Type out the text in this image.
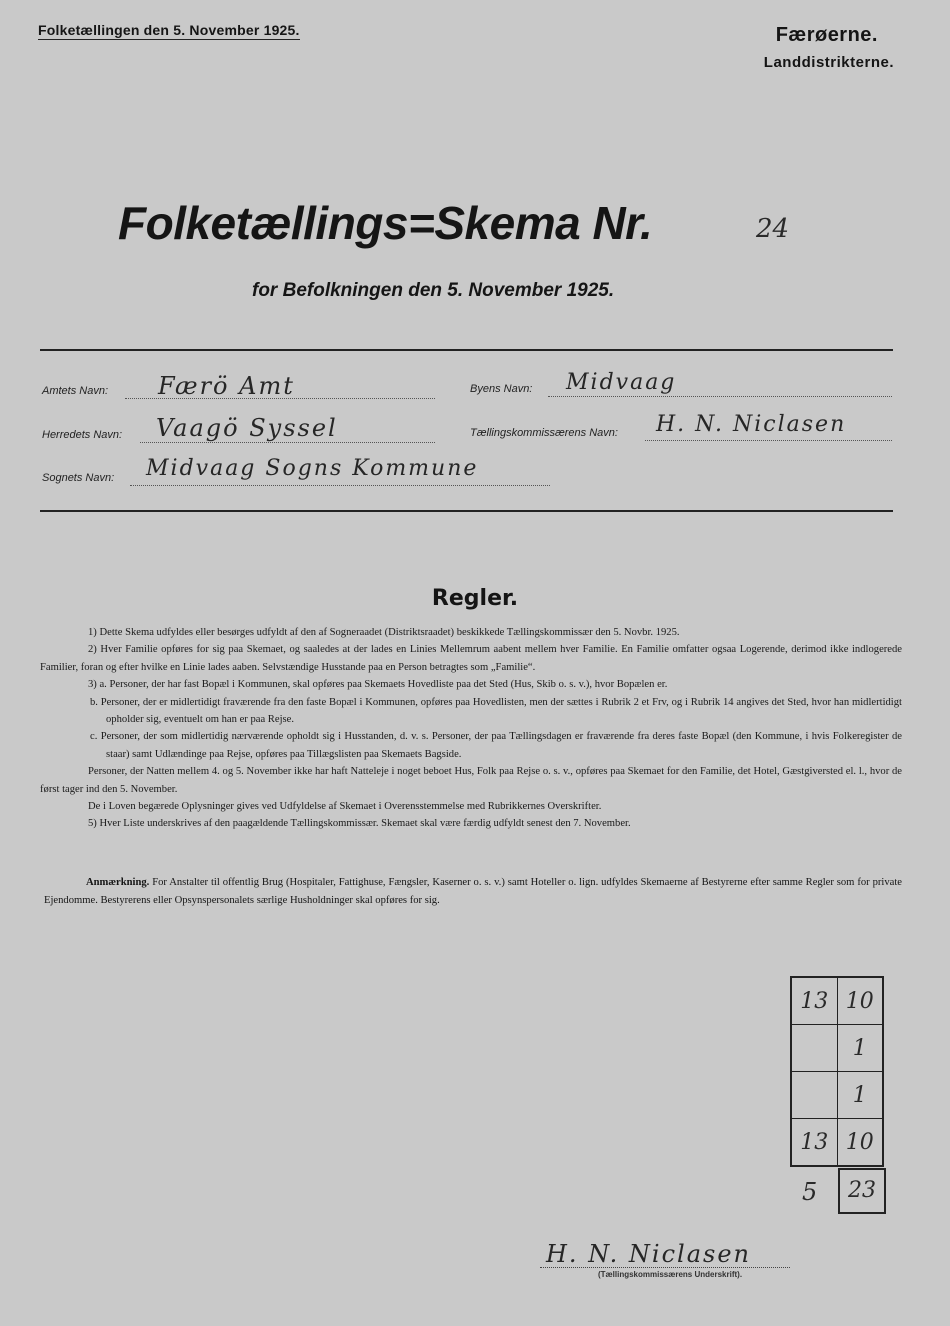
Folketællingen den 5. November 1925.	Færøerne.
Landdistrikterne.
Folketællings=Skema Nr.	24
for Befolkningen den 5. November 1925.
Amtets Navn: Færö Amt	Byens Navn: Midvaag
Herredets Navn: Vaagö Syssel	Tællingskommissærens Navn: H. N. Niclasen
Sognets Navn: Midvaag Sogns Kommune
Regler.

1) Dette Skema udfyldes eller besørges udfyldt af den af Sogneraadet (Distriktsraadet) beskikkede Tællingskommissær den 5. Novbr. 1925.

2) Hver Familie opføres for sig paa Skemaet, og saaledes at der lades en Linies Mellemrum aabent mellem hver Familie. En Familie omfatter ogsaa Logerende, derimod ikke indlogerede Familier, foran og efter hvilke en Linie lades aaben. Selvstændige Husstande paa en Person betragtes som „Familie“.

3) a. Personer, der har fast Bopæl i Kommunen, skal opføres paa Skemaets Hovedliste paa det Sted (Hus, Skib o. s. v.), hvor Bopælen er.

b. Personer, der er midlertidigt fraværende fra den faste Bopæl i Kommunen, opføres paa Hovedlisten, men der sættes i Rubrik 2 et Frv, og i Rubrik 14 angives det Sted, hvor han midlertidigt opholder sig, eventuelt om han er paa Rejse.

c. Personer, der som midlertidig nærværende opholdt sig i Husstanden, d. v. s. Personer, der paa Tællingsdagen er fraværende fra deres faste Bopæl (den Kommune, i hvis Folkeregister de staar) samt Udlændinge paa Rejse, opføres paa Tillægslisten paa Skemaets Bagside.

Personer, der Natten mellem 4. og 5. November ikke har haft Natteleje i noget beboet Hus, Folk paa Rejse o. s. v., opføres paa Skemaet for den Familie, det Hotel, Gæstgiversted el. l., hvor de først tager ind den 5. November.

De i Loven begærede Oplysninger gives ved Udfyldelse af Skemaet i Overensstemmelse med Rubrikkernes Overskrifter.

5) Hver Liste underskrives af den paagældende Tællingskommissær. Skemaet skal være færdig udfyldt senest den 7. November.

Anmærkning. For Anstalter til offentlig Brug (Hospitaler, Fattighuse, Fængsler, Kaserner o. s. v.) samt Hoteller o. lign. udfyldes Skemaerne af Bestyrerne efter samme Regler som for private Ejendomme. Bestyrerens eller Opsynspersonalets særlige Husholdninger skal opføres for sig.
13	10
	1
	1
13	10
5	23
H. N. Niclasen
(Tællingskommissærens Underskrift).
